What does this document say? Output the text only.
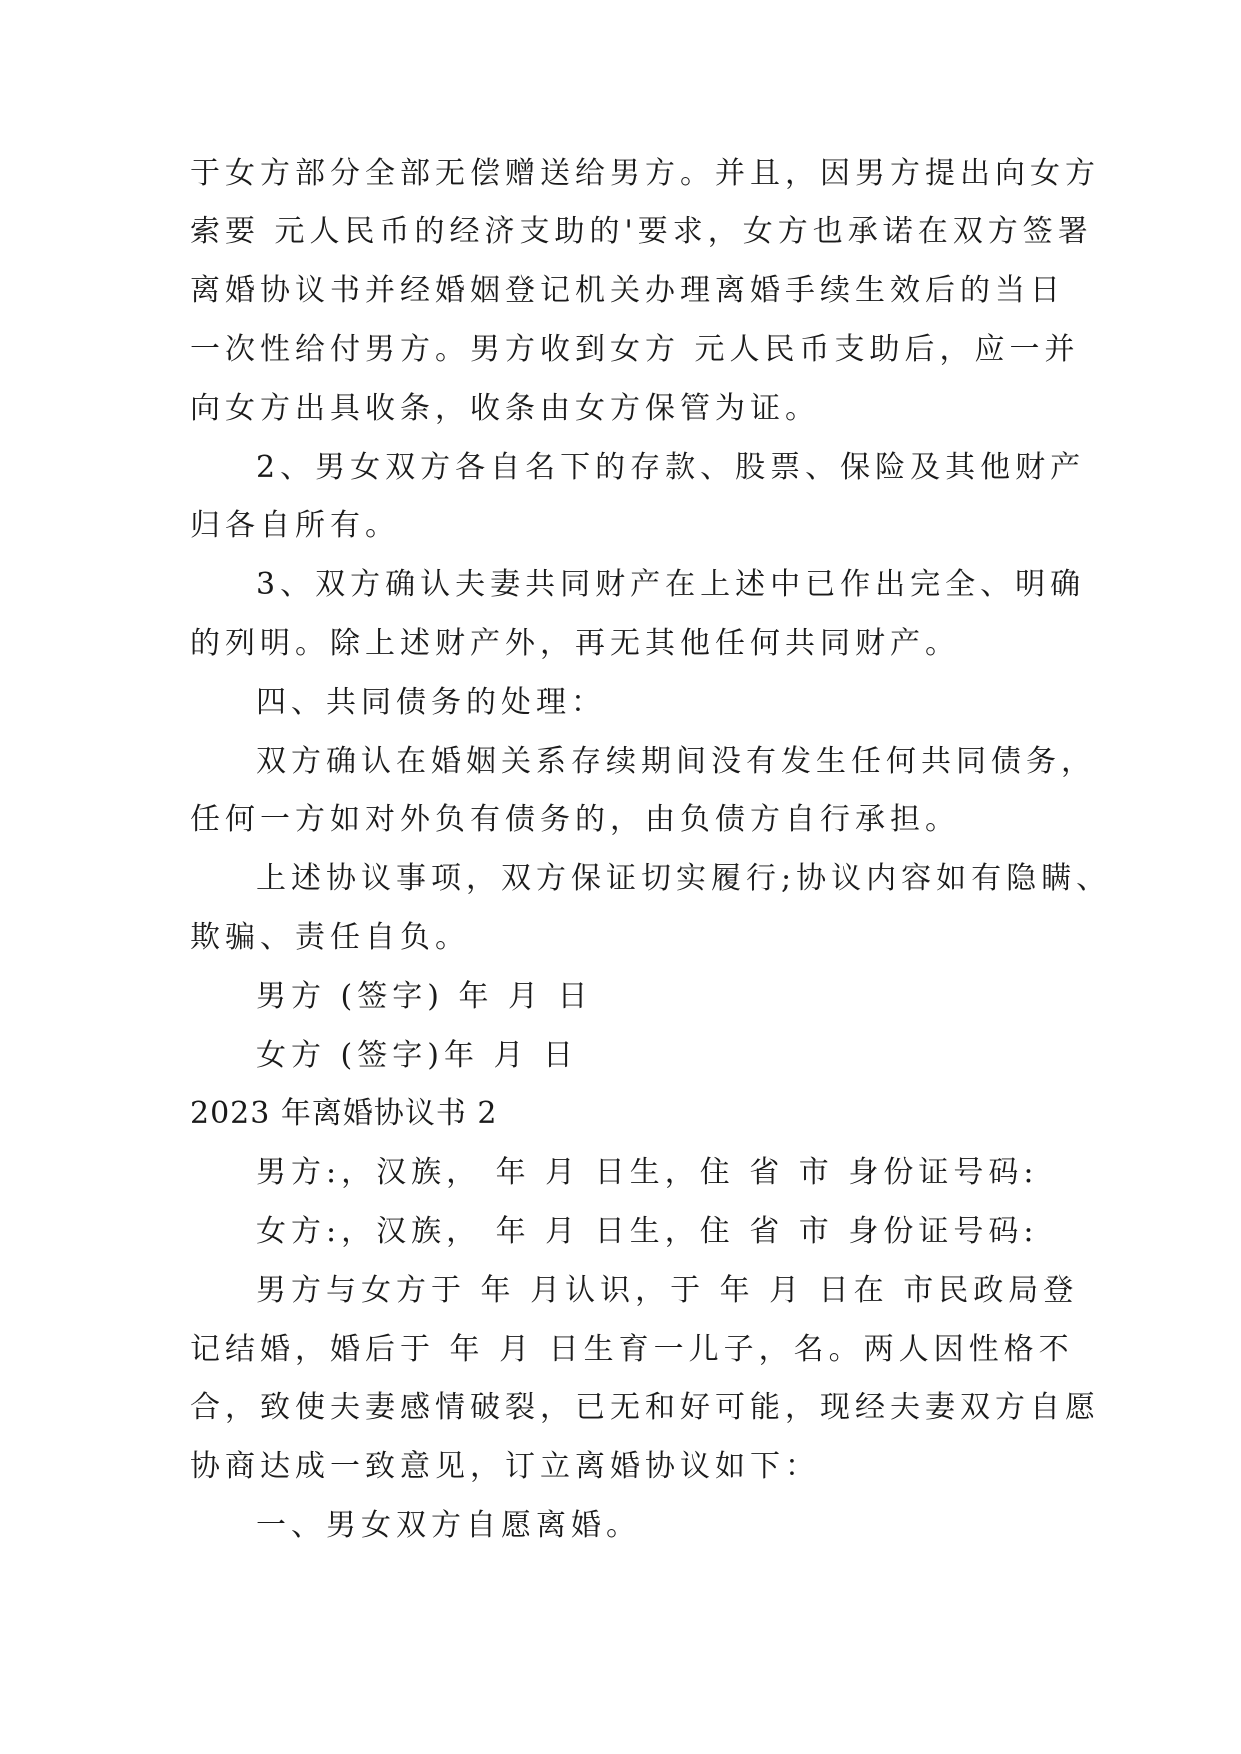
于女方部分全部无偿赠送给男方。并且，因男方提出向女方
索要 元人民币的经济支助的'要求，女方也承诺在双方签署
离婚协议书并经婚姻登记机关办理离婚手续生效后的当日
一次性给付男方。男方收到女方 元人民币支助后，应一并
向女方出具收条，收条由女方保管为证。
2、男女双方各自名下的存款、股票、保险及其他财产
归各自所有。
3、双方确认夫妻共同财产在上述中已作出完全、明确
的列明。除上述财产外，再无其他任何共同财产。
四、共同债务的处理：
双方确认在婚姻关系存续期间没有发生任何共同债务，
任何一方如对外负有债务的，由负债方自行承担。
上述协议事项，双方保证切实履行;协议内容如有隐瞒、
欺骗、责任自负。
男方 (签字) 年 月 日
女方 (签字)年 月 日
2023 年离婚协议书 2
男方:，汉族， 年 月 日生，住 省 市 身份证号码:
女方:，汉族， 年 月 日生，住 省 市 身份证号码:
男方与女方于 年 月认识，于 年 月 日在 市民政局登
记结婚，婚后于 年 月 日生育一儿子，名。两人因性格不
合，致使夫妻感情破裂，已无和好可能，现经夫妻双方自愿
协商达成一致意见，订立离婚协议如下：
一、男女双方自愿离婚。
